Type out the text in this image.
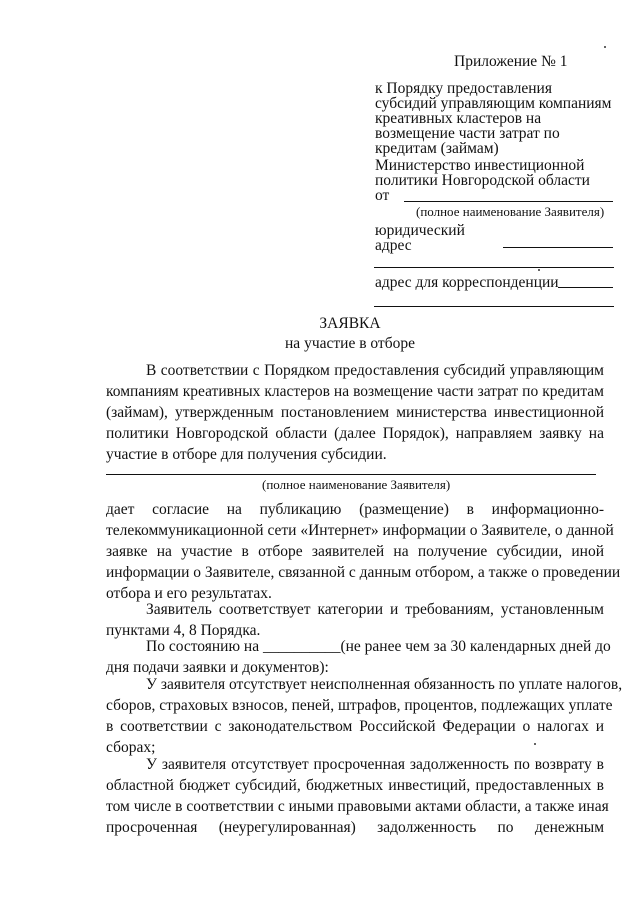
Приложение № 1
к Порядку предоставления
субсидий управляющим компаниям
креативных кластеров на
возмещение части затрат по
кредитам (займам)
Министерство инвестиционной
политики Новгородской области
от
(полное наименование Заявителя)
юридический
адрес
адрес для корреспонденции
ЗАЯВКА
на участие в отборе
В соответствии с Порядком предоставления субсидий управляющим
компаниям креативных кластеров на возмещение части затрат по кредитам
(займам), утвержденным постановлением министерства инвестиционной
политики Новгородской области (далее Порядок), направляем заявку на
участие в отборе для получения субсидии.
(полное наименование Заявителя)
дает согласие на публикацию (размещение) в информационно-
телекоммуникационной сети «Интернет» информации о Заявителе, о данной
заявке на участие в отборе заявителей на получение субсидии, иной
информации о Заявителе, связанной с данным отбором, а также о проведении
отбора и его результатах.
Заявитель соответствует категории и требованиям, установленным
пунктами 4, 8 Порядка.
По состоянию на __________(не ранее чем за 30 календарных дней до
дня подачи заявки и документов):
У заявителя отсутствует неисполненная обязанность по уплате налогов,
сборов, страховых взносов, пеней, штрафов, процентов, подлежащих уплате
в соответствии с законодательством Российской Федерации о налогах и
сборах;
У заявителя отсутствует просроченная задолженность по возврату в
областной бюджет субсидий, бюджетных инвестиций, предоставленных в
том числе в соответствии с иными правовыми актами области, а также иная
просроченная (неурегулированная) задолженность по денежным
